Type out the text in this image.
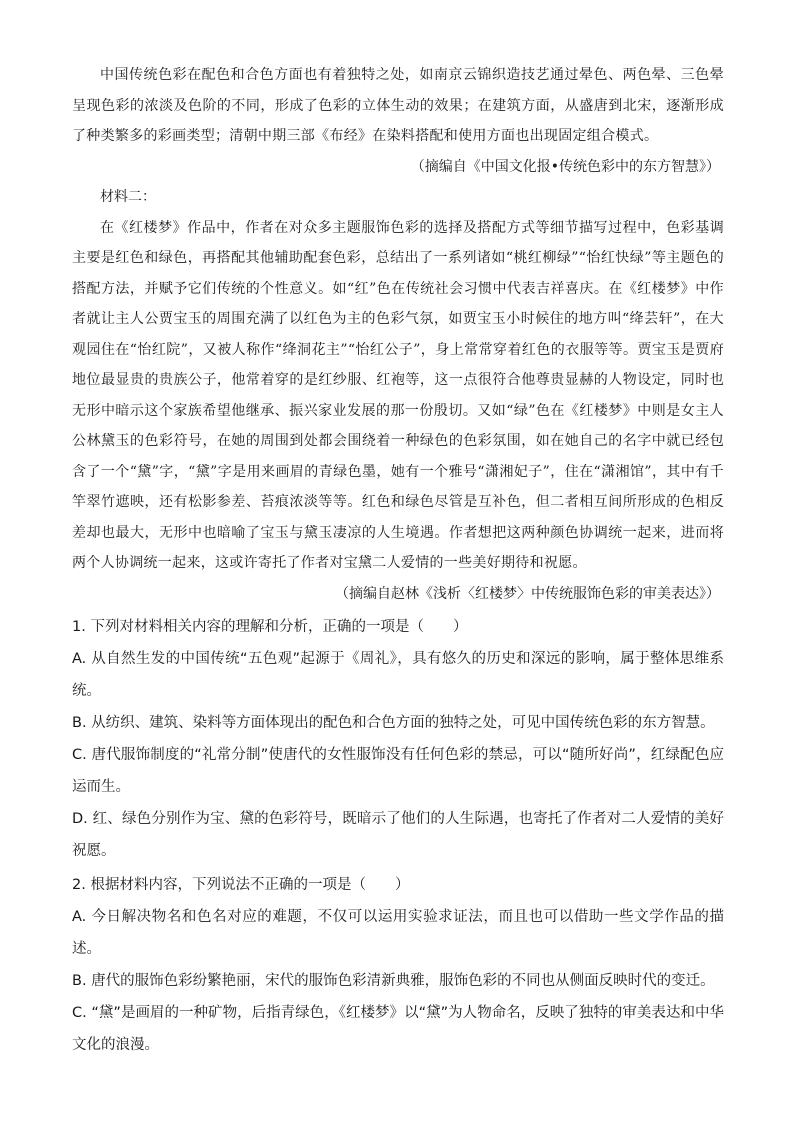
中国传统色彩在配色和合色方面也有着独特之处，如南京云锦织造技艺通过晕色、两色晕、三色晕呈现色彩的浓淡及色阶的不同，形成了色彩的立体生动的效果；在建筑方面，从盛唐到北宋，逐渐形成了种类繁多的彩画类型；清朝中期三部《布经》在染料搭配和使用方面也出现固定组合模式。

（摘编自《中国文化报•传统色彩中的东方智慧》）

材料二：

在《红楼梦》作品中，作者在对众多主题服饰色彩的选择及搭配方式等细节描写过程中，色彩基调主要是红色和绿色，再搭配其他辅助配套色彩，总结出了一系列诸如“桃红柳绿”“怡红快绿”等主题色的搭配方法，并赋予它们传统的个性意义。如“红”色在传统社会习惯中代表吉祥喜庆。在《红楼梦》中作者就让主人公贾宝玉的周围充满了以红色为主的色彩气氛，如贾宝玉小时候住的地方叫“绛芸轩”，在大观园住在“怡红院”，又被人称作“绛洞花主”“怡红公子”，身上常常穿着红色的衣服等等。贾宝玉是贾府地位最显贵的贵族公子，他常着穿的是红纱服、红袍等，这一点很符合他尊贵显赫的人物设定，同时也无形中暗示这个家族希望他继承、振兴家业发展的那一份殷切。又如“绿”色在《红楼梦》中则是女主人公林黛玉的色彩符号，在她的周围到处都会围绕着一种绿色的色彩氛围，如在她自己的名字中就已经包含了一个“黛”字，“黛”字是用来画眉的青绿色墨，她有一个雅号“潇湘妃子”，住在“潇湘馆”，其中有千竿翠竹遮映，还有松影参差、苔痕浓淡等等。红色和绿色尽管是互补色，但二者相互间所形成的色相反差却也最大，无形中也暗喻了宝玉与黛玉凄凉的人生境遇。作者想把这两种颜色协调统一起来，进而将两个人协调统一起来，这或许寄托了作者对宝黛二人爱情的一些美好期待和祝愿。

（摘编自赵林《浅析〈红楼梦〉中传统服饰色彩的审美表达》）

1. 下列对材料相关内容的理解和分析，正确的一项是（　　）

A. 从自然生发的中国传统“五色观”起源于《周礼》，具有悠久的历史和深远的影响，属于整体思维系统。

B. 从纺织、建筑、染料等方面体现出的配色和合色方面的独特之处，可见中国传统色彩的东方智慧。

C. 唐代服饰制度的“礼常分制”使唐代的女性服饰没有任何色彩的禁忌，可以“随所好尚”，红绿配色应运而生。

D. 红、绿色分别作为宝、黛的色彩符号，既暗示了他们的人生际遇，也寄托了作者对二人爱情的美好祝愿。

2. 根据材料内容，下列说法不正确的一项是（　　）

A. 今日解决物名和色名对应的难题，不仅可以运用实验求证法，而且也可以借助一些文学作品的描述。

B. 唐代的服饰色彩纷繁艳丽，宋代的服饰色彩清新典雅，服饰色彩的不同也从侧面反映时代的变迁。

C. “黛”是画眉的一种矿物，后指青绿色，《红楼梦》以“黛”为人物命名，反映了独特的审美表达和中华文化的浪漫。
